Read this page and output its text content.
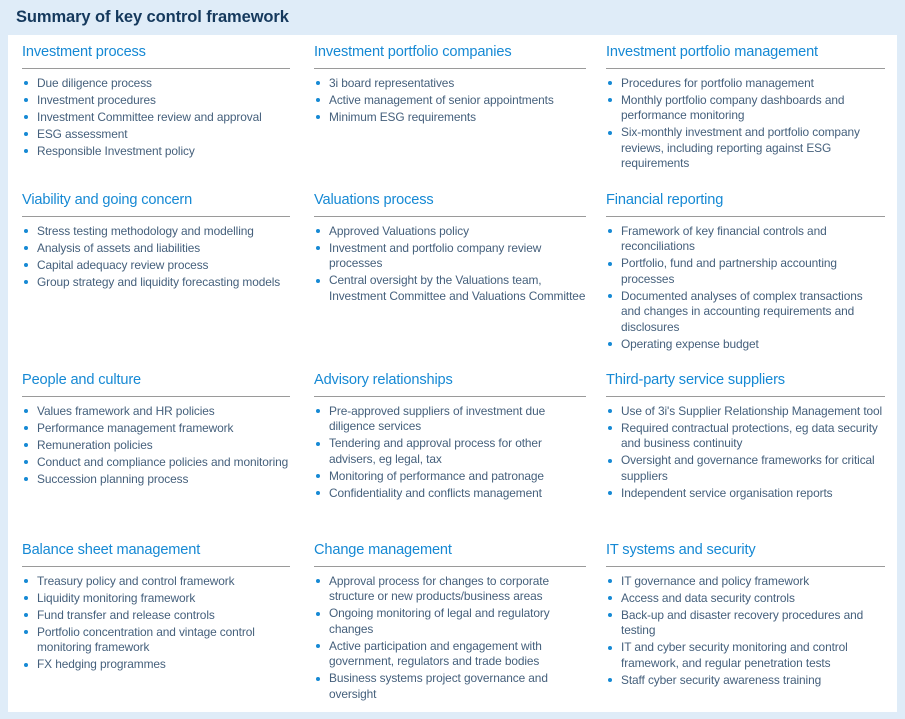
Summary of key control framework
Investment process
Due diligence process
Investment procedures
Investment Committee review and approval
ESG assessment
Responsible Investment policy
Investment portfolio companies
3i board representatives
Active management of senior appointments
Minimum ESG requirements
Investment portfolio management
Procedures for portfolio management
Monthly portfolio company dashboards and performance monitoring
Six-monthly investment and portfolio company reviews, including reporting against ESG requirements
Viability and going concern
Stress testing methodology and modelling
Analysis of assets and liabilities
Capital adequacy review process
Group strategy and liquidity forecasting models
Valuations process
Approved Valuations policy
Investment and portfolio company review processes
Central oversight by the Valuations team, Investment Committee and Valuations Committee
Financial reporting
Framework of key financial controls and reconciliations
Portfolio, fund and partnership accounting processes
Documented analyses of complex transactions and changes in accounting requirements and disclosures
Operating expense budget
People and culture
Values framework and HR policies
Performance management framework
Remuneration policies
Conduct and compliance policies and monitoring
Succession planning process
Advisory relationships
Pre-approved suppliers of investment due diligence services
Tendering and approval process for other advisers, eg legal, tax
Monitoring of performance and patronage
Confidentiality and conflicts management
Third-party service suppliers
Use of 3i's Supplier Relationship Management tool
Required contractual protections, eg data security and business continuity
Oversight and governance frameworks for critical suppliers
Independent service organisation reports
Balance sheet management
Treasury policy and control framework
Liquidity monitoring framework
Fund transfer and release controls
Portfolio concentration and vintage control monitoring framework
FX hedging programmes
Change management
Approval process for changes to corporate structure or new products/business areas
Ongoing monitoring of legal and regulatory changes
Active participation and engagement with government, regulators and trade bodies
Business systems project governance and oversight
IT systems and security
IT governance and policy framework
Access and data security controls
Back-up and disaster recovery procedures and testing
IT and cyber security monitoring and control framework, and regular penetration tests
Staff cyber security awareness training
